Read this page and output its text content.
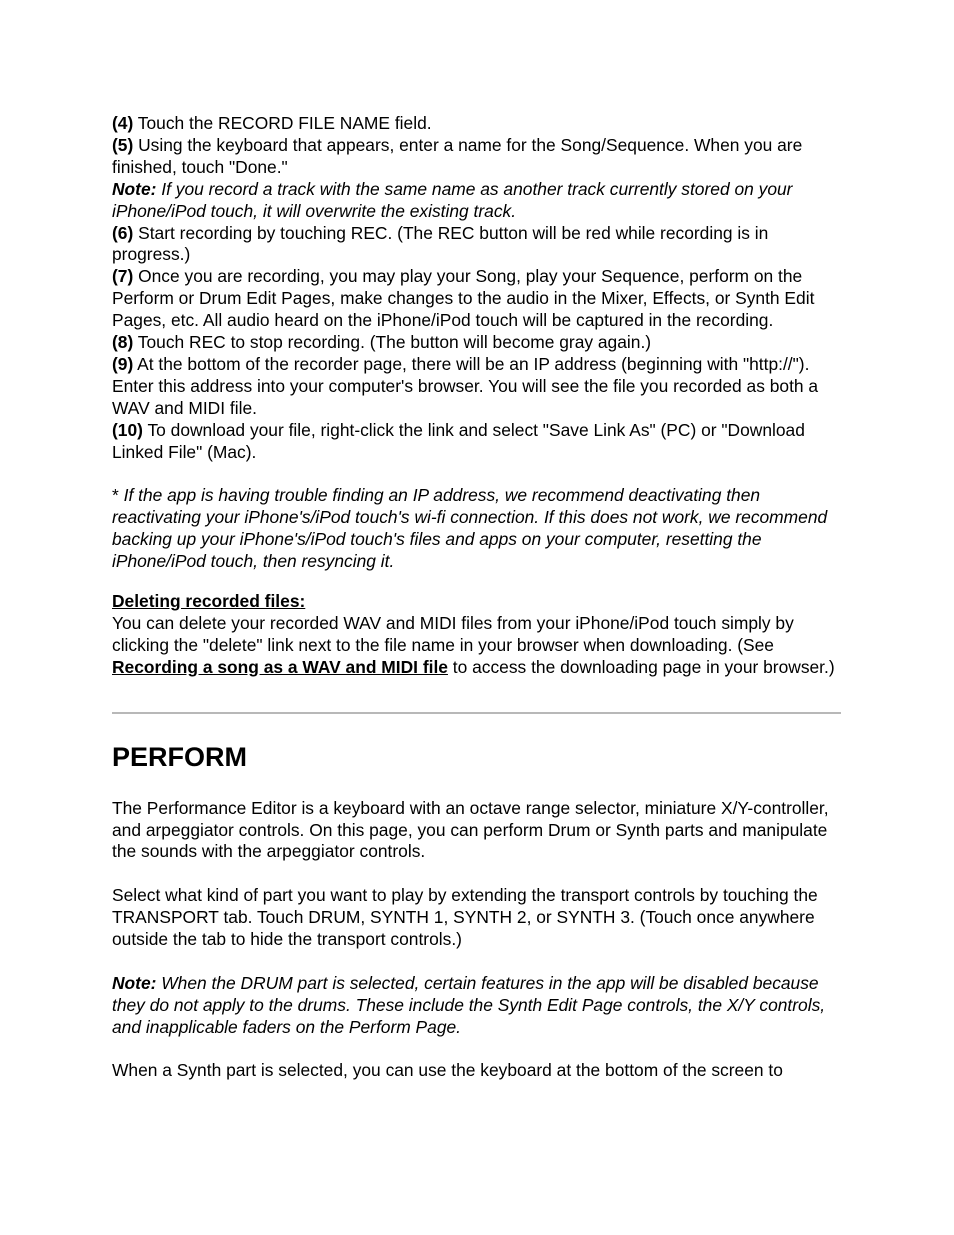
(4) Touch the RECORD FILE NAME field.

(5) Using the keyboard that appears, enter a name for the Song/Sequence. When you are finished, touch "Done."

Note: If you record a track with the same name as another track currently stored on your iPhone/iPod touch, it will overwrite the existing track.

(6) Start recording by touching REC. (The REC button will be red while recording is in progress.)

(7) Once you are recording, you may play your Song, play your Sequence, perform on the Perform or Drum Edit Pages, make changes to the audio in the Mixer, Effects, or Synth Edit Pages, etc. All audio heard on the iPhone/iPod touch will be captured in the recording.

(8) Touch REC to stop recording. (The button will become gray again.)

(9) At the bottom of the recorder page, there will be an IP address (beginning with "http://"). Enter this address into your computer's browser. You will see the file you recorded as both a WAV and MIDI file.

(10) To download your file, right-click the link and select "Save Link As" (PC) or "Download Linked File" (Mac).

* If the app is having trouble finding an IP address, we recommend deactivating then reactivating your iPhone's/iPod touch's wi-fi connection. If this does not work, we recommend backing up your iPhone's/iPod touch's files and apps on your computer, resetting the iPhone/iPod touch, then resyncing it.

Deleting recorded files:

You can delete your recorded WAV and MIDI files from your iPhone/iPod touch simply by clicking the "delete" link next to the file name in your browser when downloading. (See Recording a song as a WAV and MIDI file to access the downloading page in your browser.)

PERFORM

The Performance Editor is a keyboard with an octave range selector, miniature X/Y-controller, and arpeggiator controls. On this page, you can perform Drum or Synth parts and manipulate the sounds with the arpeggiator controls.

Select what kind of part you want to play by extending the transport controls by touching the TRANSPORT tab. Touch DRUM, SYNTH 1, SYNTH 2, or SYNTH 3. (Touch once anywhere outside the tab to hide the transport controls.)

Note: When the DRUM part is selected, certain features in the app will be disabled because they do not apply to the drums. These include the Synth Edit Page controls, the X/Y controls, and inapplicable faders on the Perform Page.

When a Synth part is selected, you can use the keyboard at the bottom of the screen to
